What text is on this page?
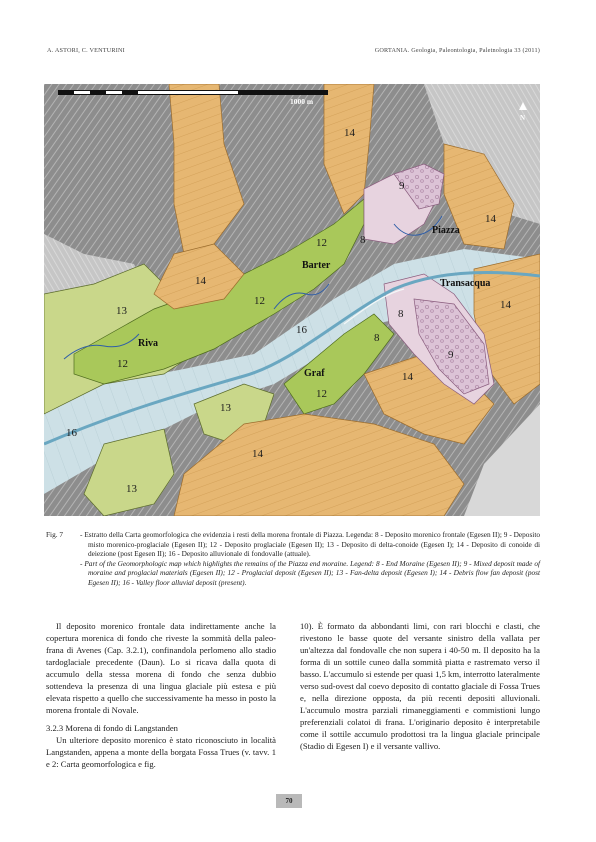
A. ASTORI, C. VENTURINI	GORTANIA. Geologia, Paleontologia, Paletnologia 33 (2011)
1000 m
N
Piazza
Barter
Transacqua
Riva
Graf
14
9
14
12	8
14
13
12
16
8
14
8
9
12
14
12
13
16
14
13
Fig. 7	- Estratto della Carta geomorfologica che evidenzia i resti della morena frontale di Piazza. Legenda: 8 - Deposito morenico frontale (Egesen II); 9 - Deposito misto morenico-proglaciale (Egesen II); 12 - Deposito proglaciale (Egesen II); 13 - Deposito di delta-conoide (Egesen I); 14 - Deposito di conoide di deiezione (post Egesen II); 16 - Deposito alluvionale di fondovalle (attuale).
- Part of the Geomorphologic map which highlights the remains of the Piazza end moraine. Legend: 8 - End Moraine (Egesen II); 9 - Mixed deposit made of moraine and proglacial materials (Egesen II); 12 - Proglacial deposit (Egesen II); 13 - Fan-delta deposit (Egesen I); 14 - Debris flow fan deposit (post Egesen II); 16 - Valley floor alluvial deposit (present).

Il deposito morenico frontale data indirettamente anche la copertura morenica di fondo che riveste la sommità della paleo-frana di Avenes (Cap. 3.2.1), confinandola perlomeno allo stadio tardoglaciale precedente (Daun). Lo si ricava dalla quota di accumulo della stessa morena di fondo che senza dubbio sottendeva la presenza di una lingua glaciale più estesa e più elevata rispetto a quello che successivamente ha messo in posto la morena frontale di Novale.

3.2.3 Morena di fondo di Langstanden

Un ulteriore deposito morenico è stato riconosciuto in località Langstanden, appena a monte della borgata Fossa Trues (v. tavv. 1 e 2: Carta geomorfologica e fig.

10). È formato da abbondanti limi, con rari blocchi e clasti, che rivestono le basse quote del versante sinistro della vallata per un'altezza dal fondovalle che non supera i 40-50 m. Il deposito ha la forma di un sottile cuneo dalla sommità piatta e rastremato verso il basso. L'accumulo si estende per quasi 1,5 km, interrotto lateralmente verso sud-ovest dal coevo deposito di contatto glaciale di Fossa Trues e, nella direzione opposta, da più recenti depositi alluvionali. L'accumulo mostra parziali rimaneggiamenti e commistioni lungo preferenziali colatoi di frana. L'originario deposito è interpretabile come il sottile accumulo prodottosi tra la lingua glaciale principale (Stadio di Egesen I) e il versante vallivo.

70
